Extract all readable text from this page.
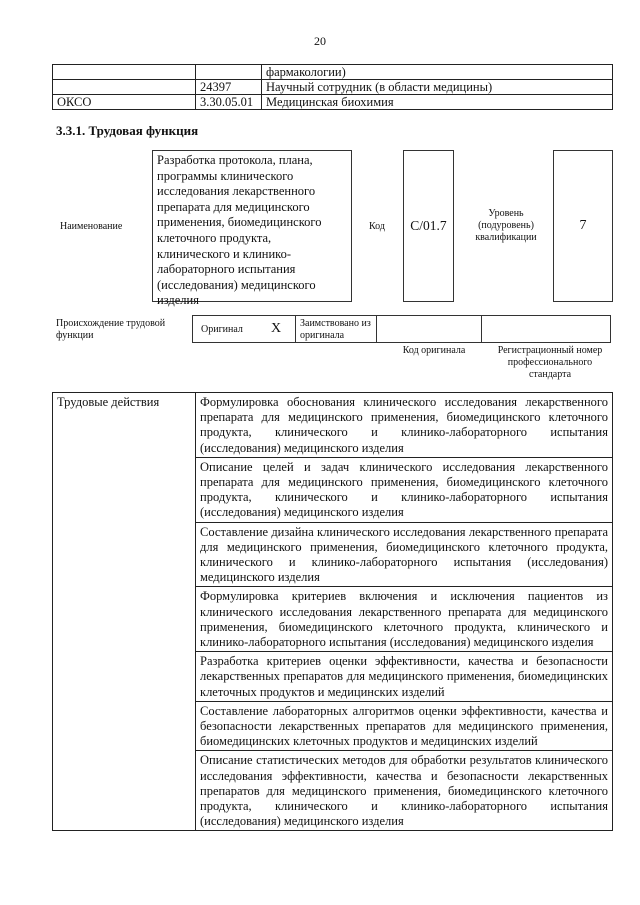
20
		фармакологии)
	24397	Научный сотрудник (в области медицины)
ОКСО	3.30.05.01	Медицинская биохимия
3.3.1. Трудовая функция
Наименование
Разработка протокола, плана, программы клинического исследования лекарственного препарата для медицинского применения, биомедицинского клеточного продукта, клинического и клинико-лабораторного испытания (исследования) медицинского изделия
Код	C/01.7
Уровень (подуровень) квалификации
7
Происхождение трудовой функции
Оригинал X Заимствовано из оригинала
Код оригинала	Регистрационный номер профессионального стандарта
Трудовые действия	Формулировка обоснования клинического исследования лекарственного препарата для медицинского применения, биомедицинского клеточного продукта, клинического и клинико-лабораторного испытания (исследования) медицинского изделия
Описание целей и задач клинического исследования лекарственного препарата для медицинского применения, биомедицинского клеточного продукта, клинического и клинико-лабораторного испытания (исследования) медицинского изделия
Составление дизайна клинического исследования лекарственного препарата для медицинского применения, биомедицинского клеточного продукта, клинического и клинико-лабораторного испытания (исследования) медицинского изделия
Формулировка критериев включения и исключения пациентов из клинического исследования лекарственного препарата для медицинского применения, биомедицинского клеточного продукта, клинического и клинико-лабораторного испытания (исследования) медицинского изделия
Разработка критериев оценки эффективности, качества и безопасности лекарственных препаратов для медицинского применения, биомедицинских клеточных продуктов и медицинских изделий
Составление лабораторных алгоритмов оценки эффективности, качества и безопасности лекарственных препаратов для медицинского применения, биомедицинских клеточных продуктов и медицинских изделий
Описание статистических методов для обработки результатов клинического исследования эффективности, качества и безопасности лекарственных препаратов для медицинского применения, биомедицинского клеточного продукта, клинического и клинико-лабораторного испытания (исследования) медицинского изделия
